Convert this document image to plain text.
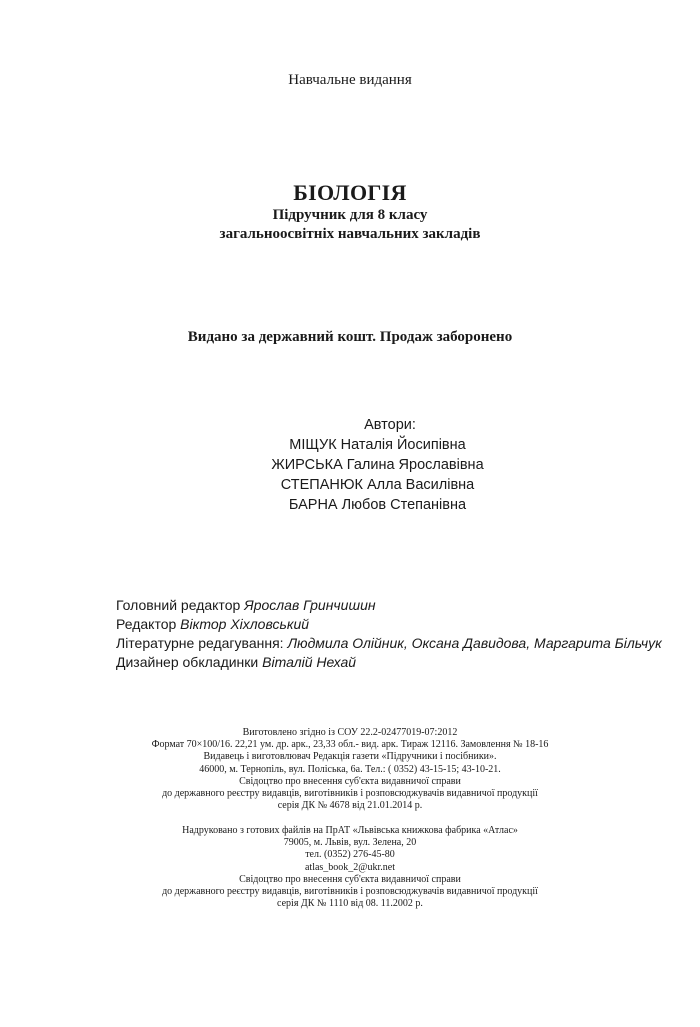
Навчальне видання
БІОЛОГІЯ
Підручник для 8 класу
загальноосвітніх навчальних закладів
Видано за державний кошт. Продаж заборонено
Автори:
МІЩУК Наталія Йосипівна
ЖИРСЬКА Галина Ярославівна
СТЕПАНЮК Алла Василівна
БАРНА Любов Степанівна
Головний редактор Ярослав Гринчишин
Редактор Віктор Хіхловський
Літературне редагування: Людмила Олійник, Оксана Давидова, Маргарита Більчук
Дизайнер обкладинки Віталій Нехай
Виготовлено згідно із СОУ 22.2-02477019-07:2012
Формат 70×100/16. 22,21 ум. др. арк., 23,33 обл.- вид. арк. Тираж 12116. Замовлення № 18-16
Видавець і виготовлювач Редакція газети «Підручники і посібники».
46000, м. Тернопіль, вул. Поліська, 6а. Тел.: ( 0352) 43-15-15; 43-10-21.
Свідоцтво про внесення суб'єкта видавничої справи
до державного реєстру видавців, виготівників і розповсюджувачів видавничої продукції
серія ДК № 4678 від 21.01.2014 р.
Надруковано з готових файлів на ПрАТ «Львівська книжкова фабрика «Атлас»
79005, м. Львів, вул. Зелена, 20
тел. (0352) 276-45-80
atlas_book_2@ukr.net
Свідоцтво про внесення суб'єкта видавничої справи
до державного реєстру видавців, виготівників і розповсюджувачів видавничої продукції
серія ДК № 1110 від 08. 11.2002 р.
